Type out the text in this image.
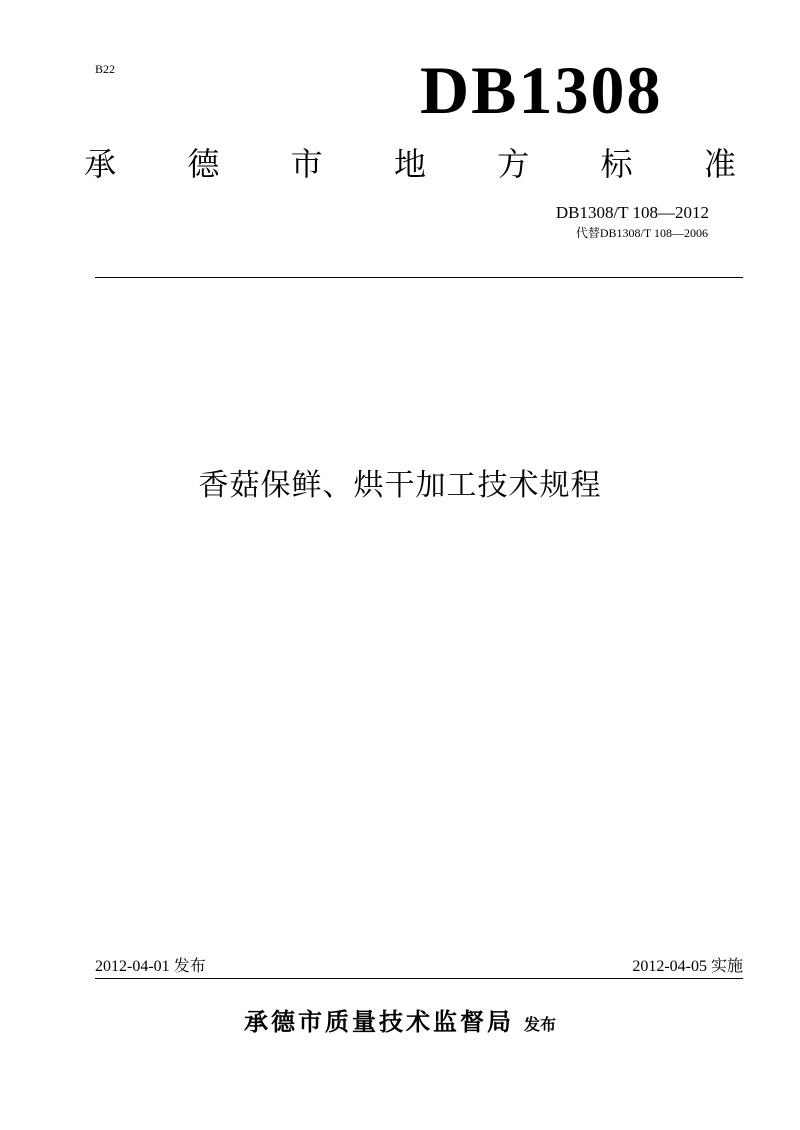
B22	DB1308
承 德 市 地 方 标 准
DB1308/T 108—2012
代替DB1308/T 108—2006
香菇保鲜、烘干加工技术规程
2012-04-01 发布	2012-04-05 实施
承德市质量技术监督局 发布
